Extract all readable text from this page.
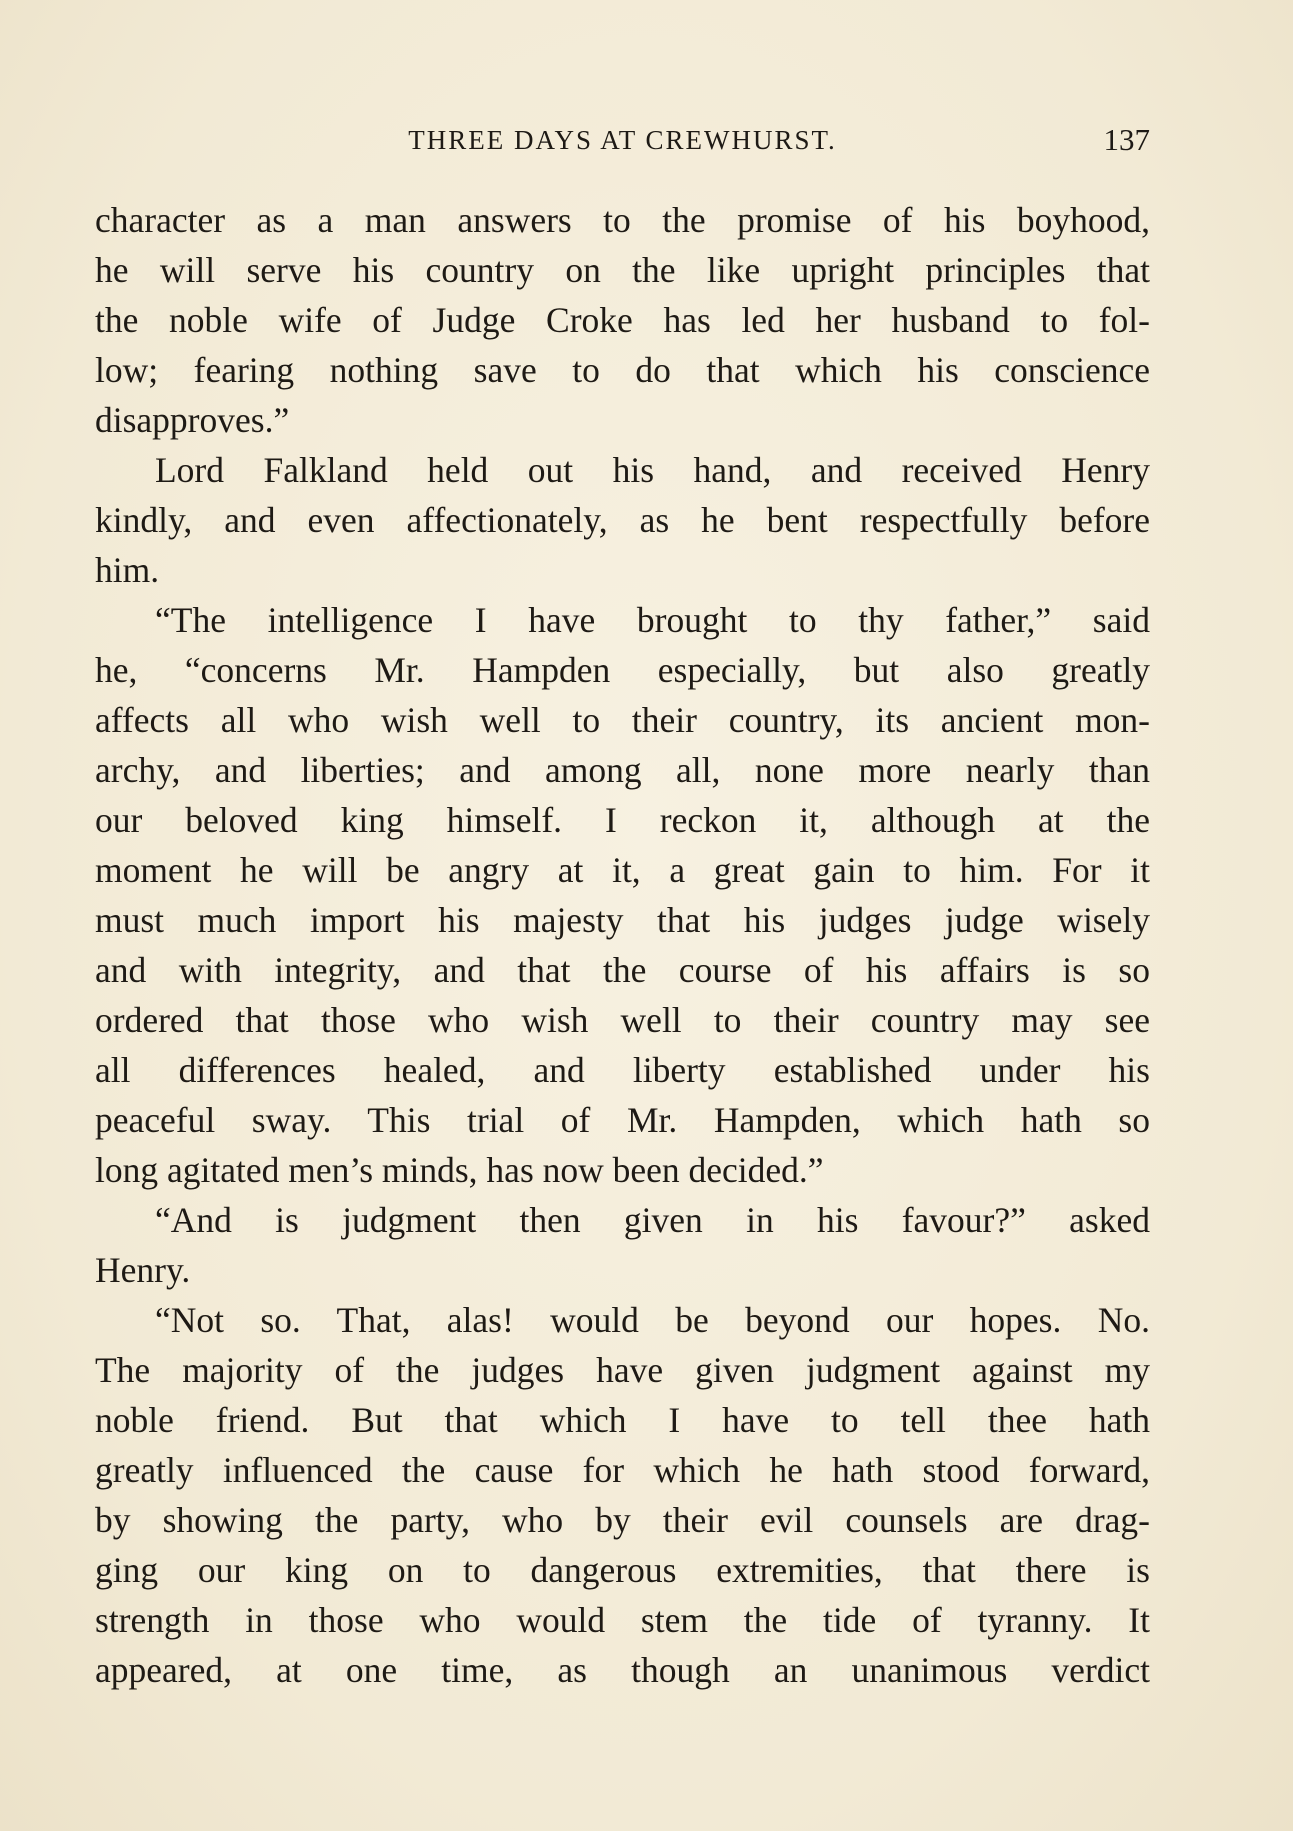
THREE DAYS AT CREWHURST.	137
character as a man answers to the promise of his boyhood,
he will serve his country on the like upright principles that
the noble wife of Judge Croke has led her husband to fol-
low; fearing nothing save to do that which his conscience
disapproves.”
Lord Falkland held out his hand, and received Henry
kindly, and even affectionately, as he bent respectfully before
him.
“The intelligence I have brought to thy father,” said
he, “concerns Mr. Hampden especially, but also greatly
affects all who wish well to their country, its ancient mon-
archy, and liberties; and among all, none more nearly than
our beloved king himself. I reckon it, although at the
moment he will be angry at it, a great gain to him. For it
must much import his majesty that his judges judge wisely
and with integrity, and that the course of his affairs is so
ordered that those who wish well to their country may see
all differences healed, and liberty established under his
peaceful sway. This trial of Mr. Hampden, which hath so
long agitated men’s minds, has now been decided.”
“And is judgment then given in his favour?” asked
Henry.
“Not so. That, alas! would be beyond our hopes. No.
The majority of the judges have given judgment against my
noble friend. But that which I have to tell thee hath
greatly influenced the cause for which he hath stood forward,
by showing the party, who by their evil counsels are drag-
ging our king on to dangerous extremities, that there is
strength in those who would stem the tide of tyranny. It
appeared, at one time, as though an unanimous verdict
